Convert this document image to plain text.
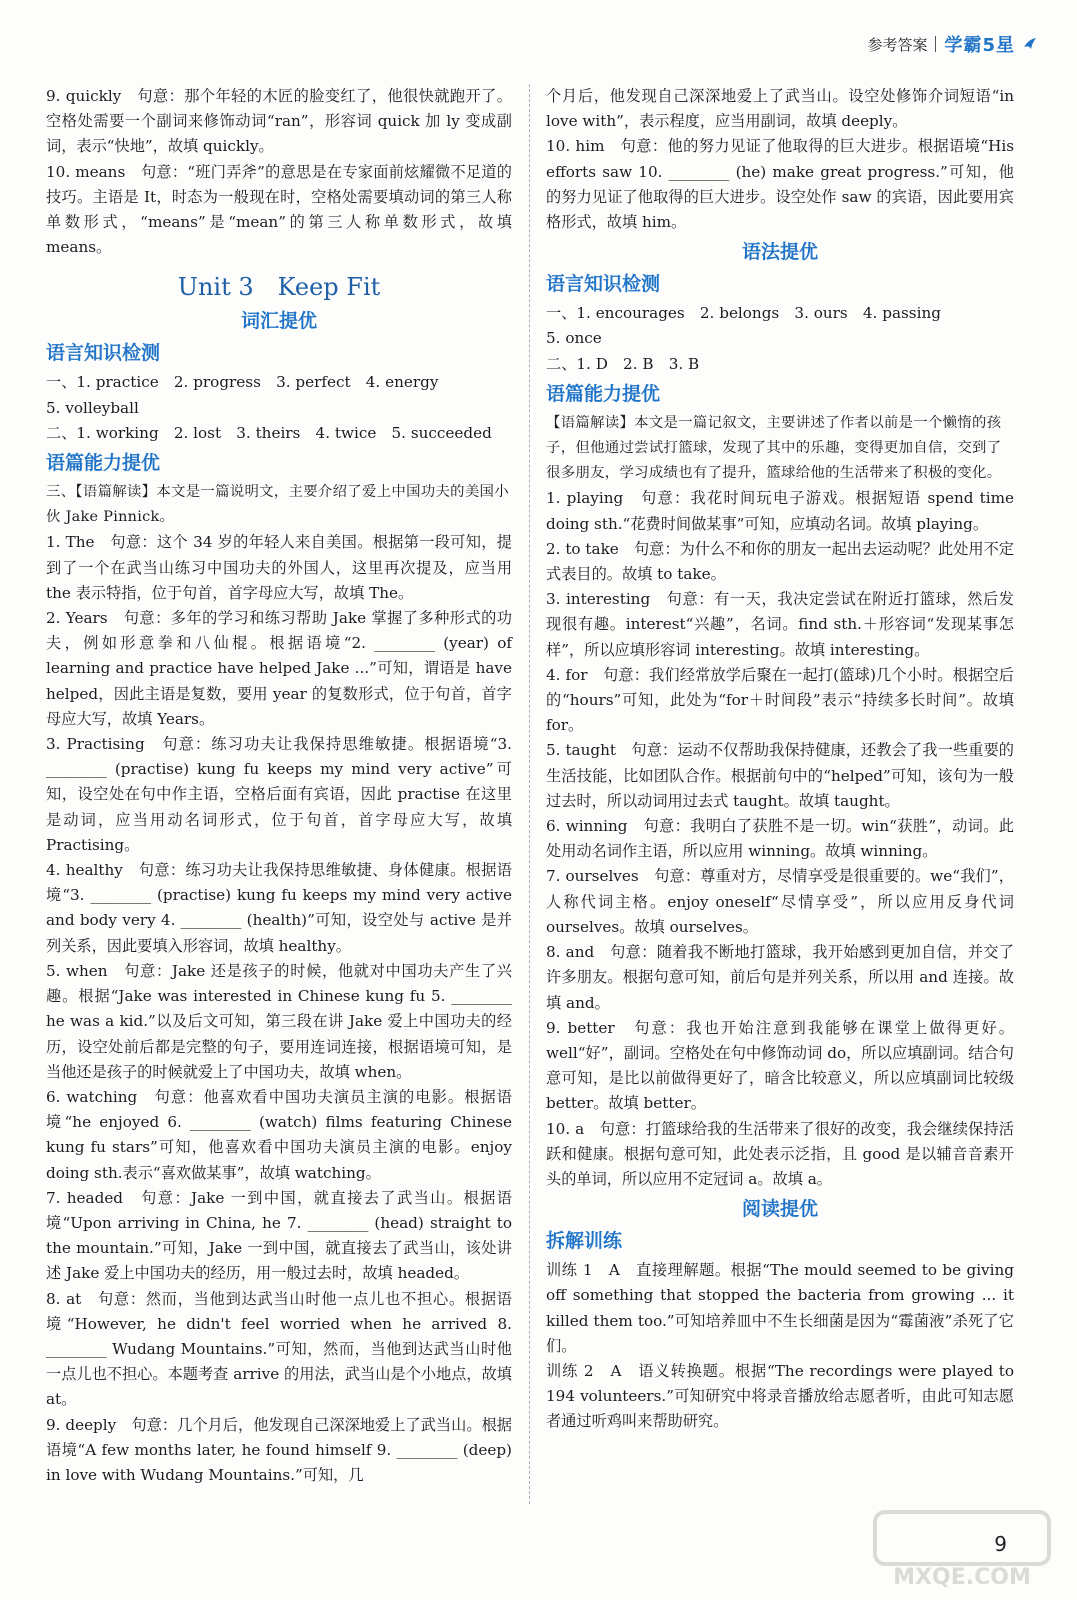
参考答案 学霸5星
9. quickly　句意：那个年轻的木匠的脸变红了，他很快就跑开了。空格处需要一个副词来修饰动词“ran”，形容词 quick 加 ly 变成副词，表示“快地”，故填 quickly。
10. means　句意：“班门弄斧”的意思是在专家面前炫耀微不足道的技巧。主语是 It，时态为一般现在时，空格处需要填动词的第三人称单数形式，“means”是“mean”的第三人称单数形式，故填 means。
Unit 3　Keep Fit
词汇提优
语言知识检测
一、1. practice　2. progress　3. perfect　4. energy
5. volleyball
二、1. working　2. lost　3. theirs　4. twice　5. succeeded
语篇能力提优
三、【语篇解读】本文是一篇说明文，主要介绍了爱上中国功夫的美国小伙 Jake Pinnick。
1. The　句意：这个 34 岁的年轻人来自美国。根据第一段可知，提到了一个在武当山练习中国功夫的外国人，这里再次提及，应当用 the 表示特指，位于句首，首字母应大写，故填 The。
2. Years　句意：多年的学习和练习帮助 Jake 掌握了多种形式的功夫，例如形意拳和八仙棍。根据语境“2. ________ (year) of learning and practice have helped Jake ...”可知，谓语是 have helped，因此主语是复数，要用 year 的复数形式，位于句首，首字母应大写，故填 Years。
3. Practising　句意：练习功夫让我保持思维敏捷。根据语境“3. ________ (practise) kung fu keeps my mind very active”可知，设空处在句中作主语，空格后面有宾语，因此 practise 在这里是动词，应当用动名词形式，位于句首，首字母应大写，故填 Practising。
4. healthy　句意：练习功夫让我保持思维敏捷、身体健康。根据语境“3. ________ (practise) kung fu keeps my mind very active and body very 4. ________ (health)”可知，设空处与 active 是并列关系，因此要填入形容词，故填 healthy。
5. when　句意：Jake 还是孩子的时候，他就对中国功夫产生了兴趣。根据“Jake was interested in Chinese kung fu 5. ________ he was a kid.”以及后文可知，第三段在讲 Jake 爱上中国功夫的经历，设空处前后都是完整的句子，要用连词连接，根据语境可知，是当他还是孩子的时候就爱上了中国功夫，故填 when。
6. watching　句意：他喜欢看中国功夫演员主演的电影。根据语境“he enjoyed 6. ________ (watch) films featuring Chinese kung fu stars”可知，他喜欢看中国功夫演员主演的电影。enjoy doing sth.表示“喜欢做某事”，故填 watching。
7. headed　句意：Jake 一到中国，就直接去了武当山。根据语境“Upon arriving in China, he 7. ________ (head) straight to the mountain.”可知，Jake 一到中国，就直接去了武当山，该处讲述 Jake 爱上中国功夫的经历，用一般过去时，故填 headed。
8. at　句意：然而，当他到达武当山时他一点儿也不担心。根据语境“However, he didn't feel worried when he arrived 8. ________ Wudang Mountains.”可知，然而，当他到达武当山时他一点儿也不担心。本题考查 arrive 的用法，武当山是个小地点，故填 at。
9. deeply　句意：几个月后，他发现自己深深地爱上了武当山。根据语境“A few months later, he found himself 9. ________ (deep) in love with Wudang Mountains.”可知，几
个月后，他发现自己深深地爱上了武当山。设空处修饰介词短语“in love with”，表示程度，应当用副词，故填 deeply。
10. him　句意：他的努力见证了他取得的巨大进步。根据语境“His efforts saw 10. ________ (he) make great progress.”可知，他的努力见证了他取得的巨大进步。设空处作 saw 的宾语，因此要用宾格形式，故填 him。
语法提优
语言知识检测
一、1. encourages　2. belongs　3. ours　4. passing
5. once
二、1. D　2. B　3. B
语篇能力提优
【语篇解读】本文是一篇记叙文，主要讲述了作者以前是一个懒惰的孩子，但他通过尝试打篮球，发现了其中的乐趣，变得更加自信，交到了很多朋友，学习成绩也有了提升，篮球给他的生活带来了积极的变化。
1. playing　句意：我花时间玩电子游戏。根据短语 spend time doing sth.“花费时间做某事”可知，应填动名词。故填 playing。
2. to take　句意：为什么不和你的朋友一起出去运动呢？此处用不定式表目的。故填 to take。
3. interesting　句意：有一天，我决定尝试在附近打篮球，然后发现很有趣。interest“兴趣”，名词。find sth.＋形容词“发现某事怎样”，所以应填形容词 interesting。故填 interesting。
4. for　句意：我们经常放学后聚在一起打(篮球)几个小时。根据空后的“hours”可知，此处为“for＋时间段”表示“持续多长时间”。故填 for。
5. taught　句意：运动不仅帮助我保持健康，还教会了我一些重要的生活技能，比如团队合作。根据前句中的“helped”可知，该句为一般过去时，所以动词用过去式 taught。故填 taught。
6. winning　句意：我明白了获胜不是一切。win“获胜”，动词。此处用动名词作主语，所以应用 winning。故填 winning。
7. ourselves　句意：尊重对方，尽情享受是很重要的。we“我们”，人称代词主格。enjoy oneself“尽情享受”，所以应用反身代词 ourselves。故填 ourselves。
8. and　句意：随着我不断地打篮球，我开始感到更加自信，并交了许多朋友。根据句意可知，前后句是并列关系，所以用 and 连接。故填 and。
9. better　句意：我也开始注意到我能够在课堂上做得更好。well“好”，副词。空格处在句中修饰动词 do，所以应填副词。结合句意可知，是比以前做得更好了，暗含比较意义，所以应填副词比较级 better。故填 better。
10. a　句意：打篮球给我的生活带来了很好的改变，我会继续保持活跃和健康。根据句意可知，此处表示泛指，且 good 是以辅音音素开头的单词，所以应用不定冠词 a。故填 a。
阅读提优
拆解训练
训练 1　A　直接理解题。根据“The mould seemed to be giving off something that stopped the bacteria from growing ... it killed them too.”可知培养皿中不生长细菌是因为“霉菌液”杀死了它们。
训练 2　A　语义转换题。根据“The recordings were played to 194 volunteers.”可知研究中将录音播放给志愿者听，由此可知志愿者通过听鸡叫来帮助研究。
9
MXQE.COM
